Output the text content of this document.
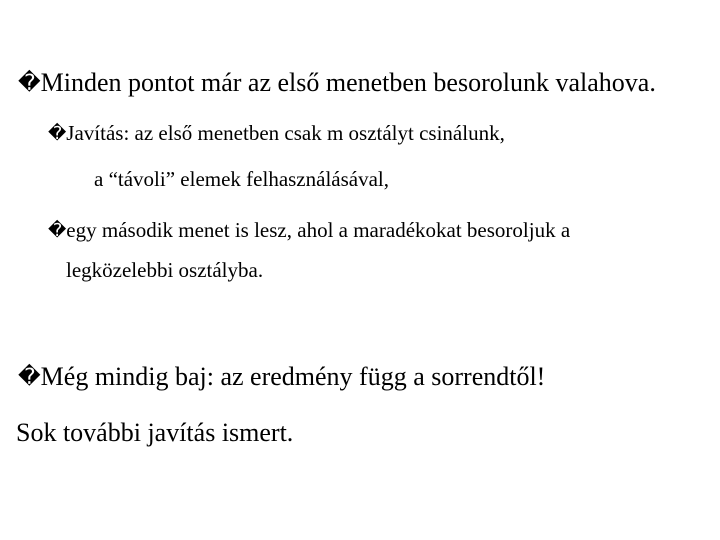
�Minden pontot már az első menetben besorolunk valahova.
�Javítás: az első menetben csak m osztályt csinálunk,
a “távoli” elemek felhasználásával,
�egy második menet is lesz, ahol a maradékokat besoroljuk a
legközelebbi osztályba.
�Még mindig baj: az eredmény függ a sorrendtől!
Sok további javítás ismert.
